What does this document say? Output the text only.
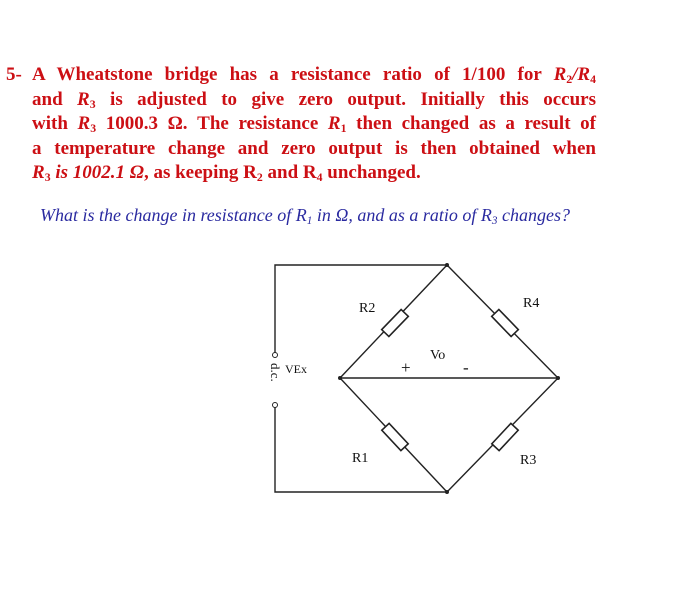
5- A Wheatstone bridge has a resistance ratio of 1/100 for $R_2/R_4$
and $R_3$ is adjusted to give zero output. Initially this occurs
with $R_3$ 1000.3 Ω. The resistance $R_1$ then changed as a result of
a temperature change and zero output is then obtained when
$R_3$ is 1002.1 Ω, as keeping $R_2$ and $R_4$ unchanged.
What is the change in resistance of $R_1$ in Ω, and as a ratio of $R_3$ changes?
R2	R4
R1	R3
Vo
+	-
VEx
d.c.
